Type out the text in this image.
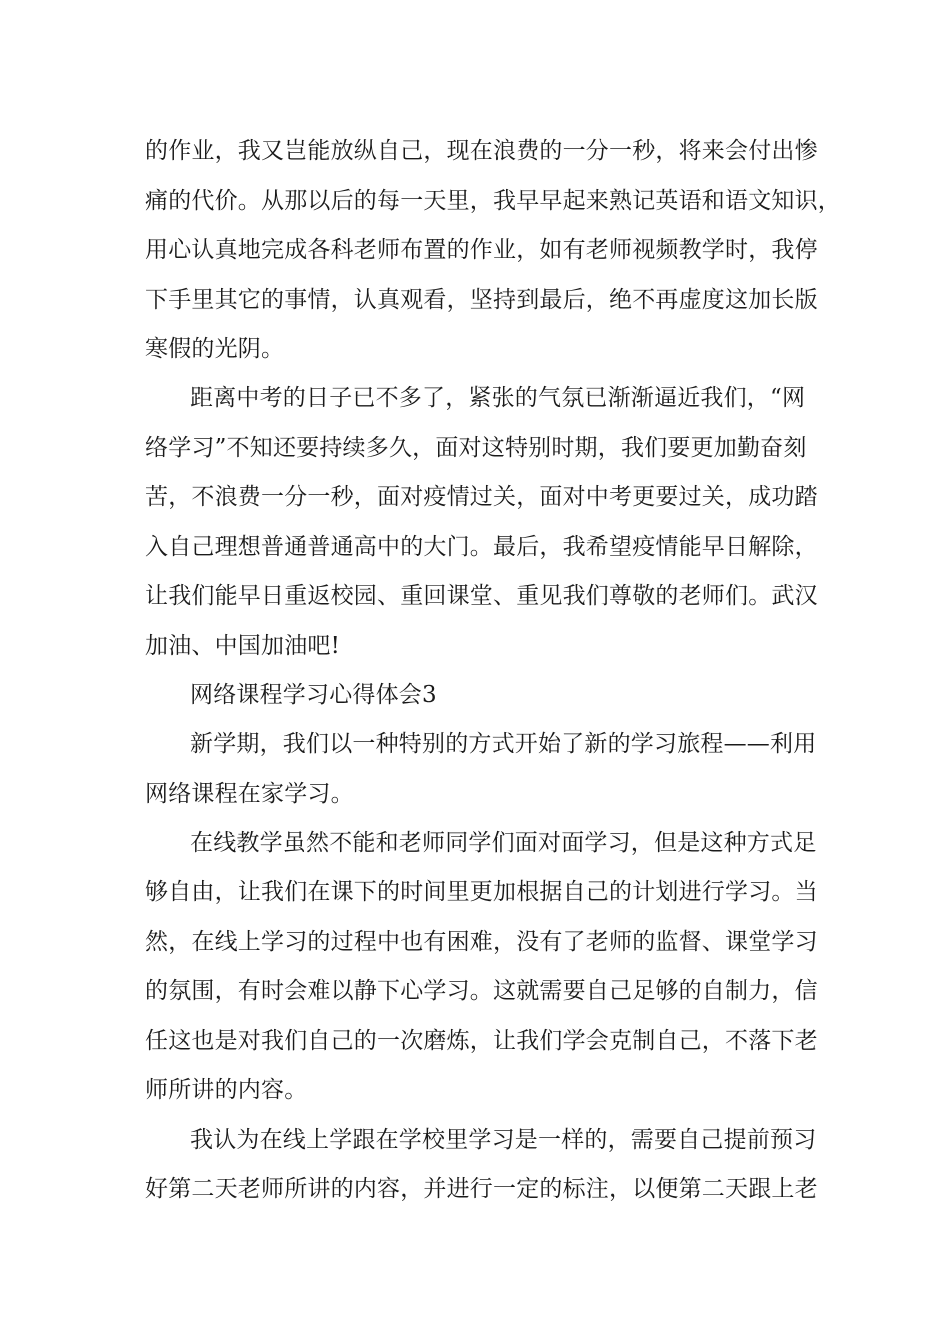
的作业，我又岂能放纵自己，现在浪费的一分一秒，将来会付出惨
痛的代价。从那以后的每一天里，我早早起来熟记英语和语文知识，
用心认真地完成各科老师布置的作业，如有老师视频教学时，我停
下手里其它的事情，认真观看，坚持到最后，绝不再虚度这加长版
寒假的光阴。
距离中考的日子已不多了，紧张的气氛已渐渐逼近我们，“网
络学习”不知还要持续多久，面对这特别时期，我们要更加勤奋刻
苦，不浪费一分一秒，面对疫情过关，面对中考更要过关，成功踏
入自己理想普通普通高中的大门。最后，我希望疫情能早日解除，
让我们能早日重返校园、重回课堂、重见我们尊敬的老师们。武汉
加油、中国加油吧!
网络课程学习心得体会3
新学期，我们以一种特别的方式开始了新的学习旅程——利用
网络课程在家学习。
在线教学虽然不能和老师同学们面对面学习，但是这种方式足
够自由，让我们在课下的时间里更加根据自己的计划进行学习。当
然，在线上学习的过程中也有困难，没有了老师的监督、课堂学习
的氛围，有时会难以静下心学习。这就需要自己足够的自制力，信
任这也是对我们自己的一次磨炼，让我们学会克制自己，不落下老
师所讲的内容。
我认为在线上学跟在学校里学习是一样的，需要自己提前预习
好第二天老师所讲的内容，并进行一定的标注，以便第二天跟上老
